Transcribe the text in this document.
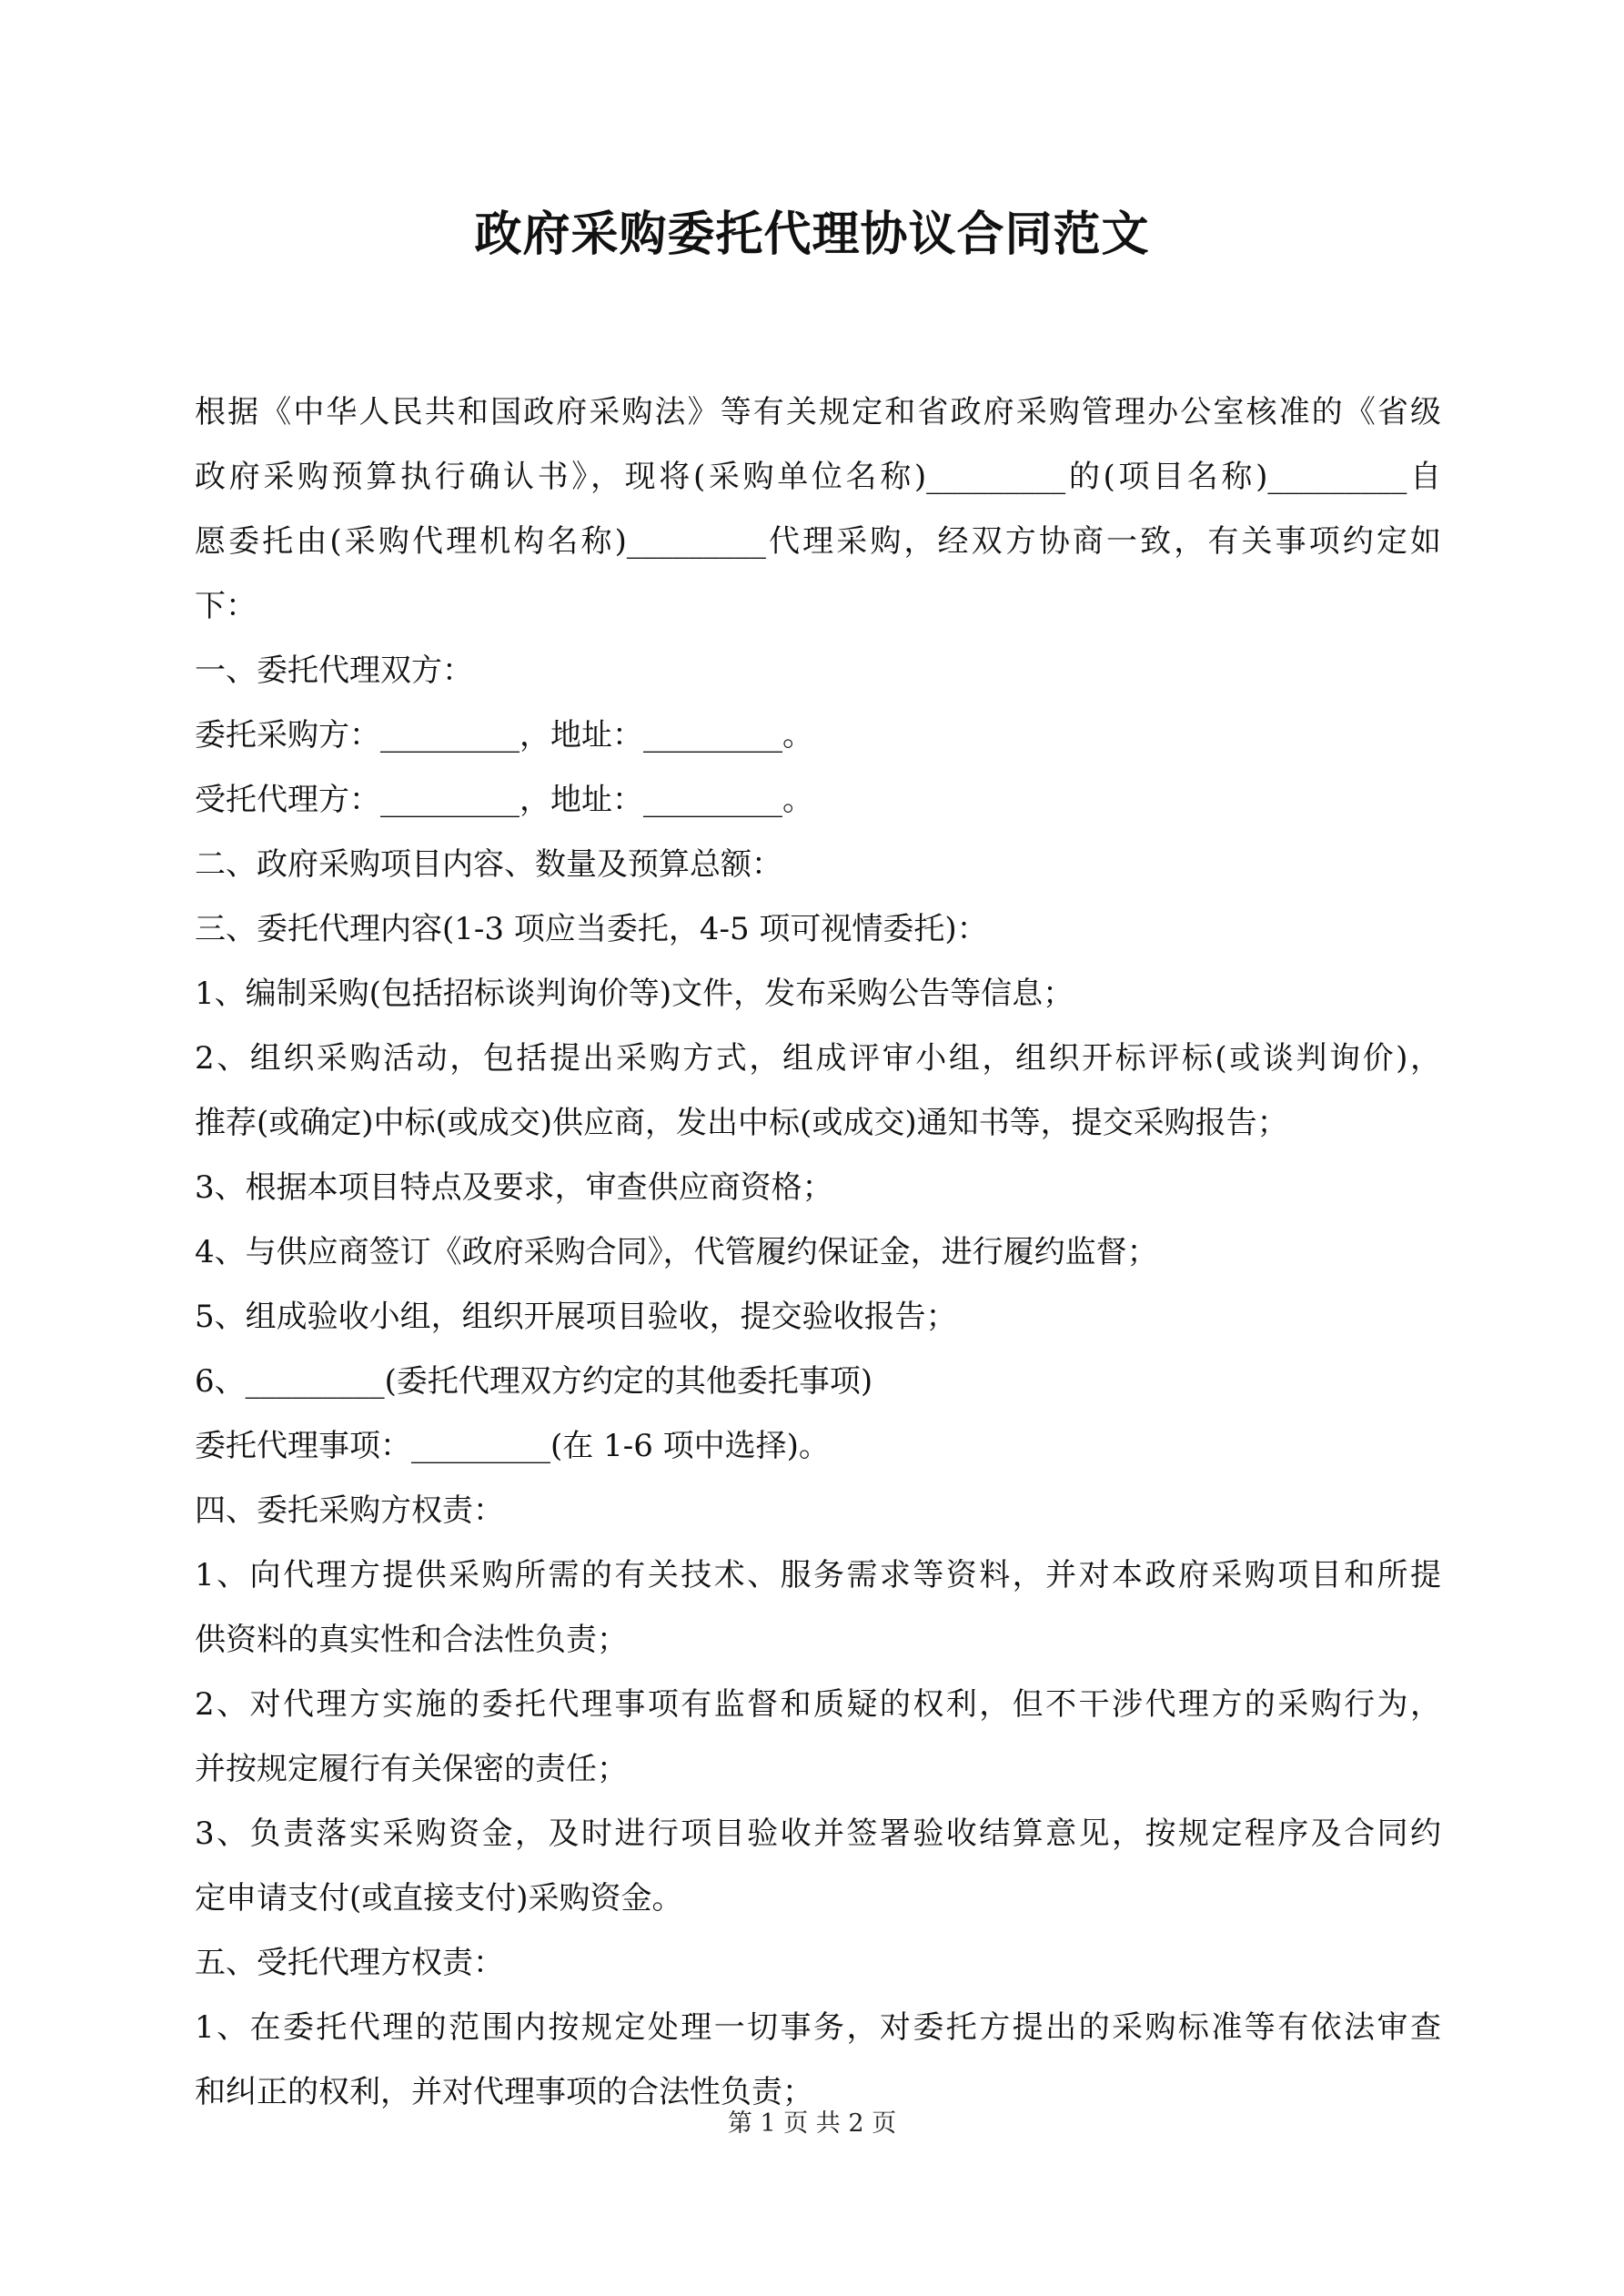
政府采购委托代理协议合同范文
根据《中华人民共和国政府采购法》等有关规定和省政府采购管理办公室核准的《省级
政府采购预算执行确认书》，现将(采购单位名称)_________的(项目名称)_________自
愿委托由(采购代理机构名称)_________代理采购，经双方协商一致，有关事项约定如
下：
一、委托代理双方：
委托采购方：_________，地址：_________。
受托代理方：_________，地址：_________。
二、政府采购项目内容、数量及预算总额：
三、委托代理内容(1-3 项应当委托，4-5 项可视情委托)：
1、编制采购(包括招标谈判询价等)文件，发布采购公告等信息；
2、组织采购活动，包括提出采购方式，组成评审小组，组织开标评标(或谈判询价)，
推荐(或确定)中标(或成交)供应商，发出中标(或成交)通知书等，提交采购报告；
3、根据本项目特点及要求，审查供应商资格；
4、与供应商签订《政府采购合同》，代管履约保证金，进行履约监督；
5、组成验收小组，组织开展项目验收，提交验收报告；
6、_________(委托代理双方约定的其他委托事项)
委托代理事项：_________(在 1-6 项中选择)。
四、委托采购方权责：
1、向代理方提供采购所需的有关技术、服务需求等资料，并对本政府采购项目和所提
供资料的真实性和合法性负责；
2、对代理方实施的委托代理事项有监督和质疑的权利，但不干涉代理方的采购行为，
并按规定履行有关保密的责任；
3、负责落实采购资金，及时进行项目验收并签署验收结算意见，按规定程序及合同约
定申请支付(或直接支付)采购资金。
五、受托代理方权责：
1、在委托代理的范围内按规定处理一切事务，对委托方提出的采购标准等有依法审查
和纠正的权利，并对代理事项的合法性负责；
第 1 页 共 2 页
